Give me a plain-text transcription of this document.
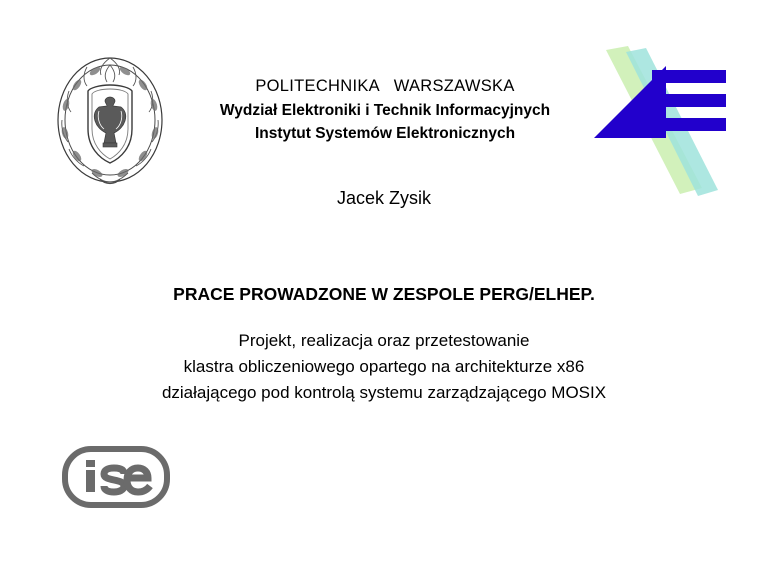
POLITECHNIKA   WARSZAWSKA
Wydział Elektroniki i Technik Informacyjnych
Instytut Systemów Elektronicznych
Jacek Zysik
PRACE PROWADZONE W ZESPOLE PERG/ELHEP.
Projekt, realizacja oraz przetestowanie
klastra obliczeniowego opartego na architekturze x86
działającego pod kontrolą systemu zarządzającego MOSIX
